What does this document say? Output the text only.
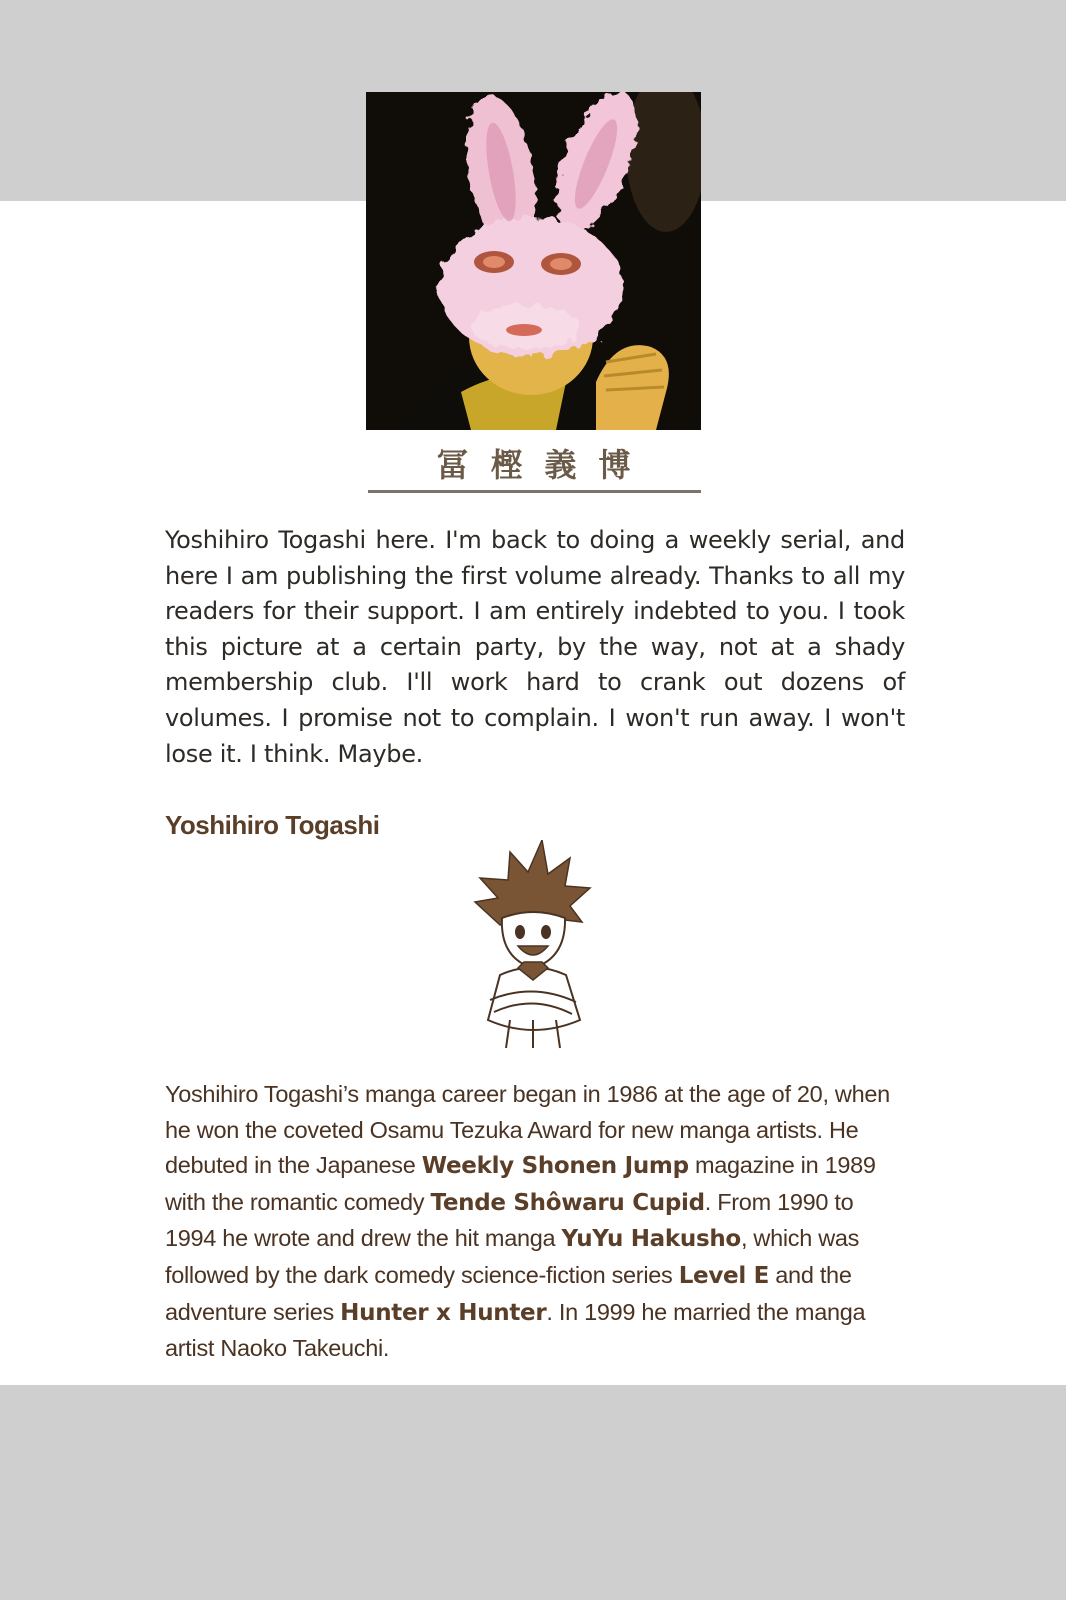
冨樫義博
Yoshihiro Togashi here. I'm back to doing a weekly serial, and here I am publishing the first volume already. Thanks to all my readers for their support. I am entirely indebted to you. I took this picture at a certain party, by the way, not at a shady membership club. I'll work hard to crank out dozens of volumes. I promise not to complain. I won't run away. I won't lose it. I think. Maybe.
Yoshihiro Togashi
Yoshihiro Togashi’s manga career began in 1986 at the age of 20, when he won the coveted Osamu Tezuka Award for new manga artists. He debuted in the Japanese Weekly Shonen Jump magazine in 1989 with the romantic comedy Tende Shôwaru Cupid. From 1990 to 1994 he wrote and drew the hit manga YuYu Hakusho, which was followed by the dark comedy science-fiction series Level E and the adventure series Hunter x Hunter. In 1999 he married the manga artist Naoko Takeuchi.
